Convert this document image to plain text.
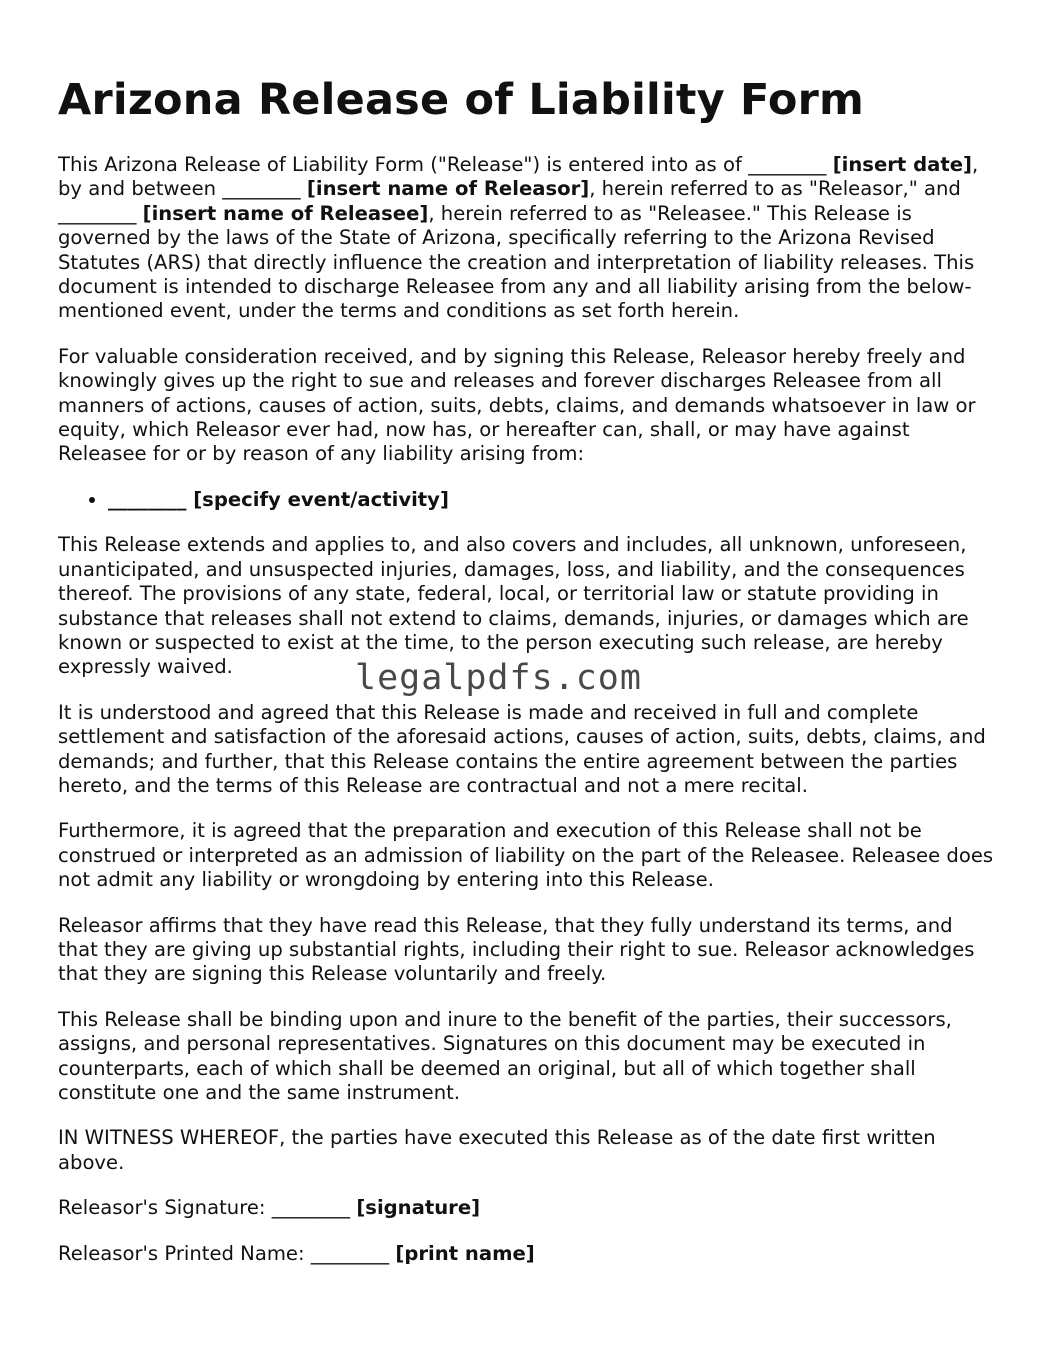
Arizona Release of Liability Form

This Arizona Release of Liability Form ("Release") is entered into as of ________ [insert date], by and between ________ [insert name of Releasor], herein referred to as "Releasor," and ________ [insert name of Releasee], herein referred to as "Releasee." This Release is governed by the laws of the State of Arizona, specifically referring to the Arizona Revised Statutes (ARS) that directly influence the creation and interpretation of liability releases. This document is intended to discharge Releasee from any and all liability arising from the below-mentioned event, under the terms and conditions as set forth herein.

For valuable consideration received, and by signing this Release, Releasor hereby freely and knowingly gives up the right to sue and releases and forever discharges Releasee from all manners of actions, causes of action, suits, debts, claims, and demands whatsoever in law or equity, which Releasor ever had, now has, or hereafter can, shall, or may have against Releasee for or by reason of any liability arising from:

• ________ [specify event/activity]

This Release extends and applies to, and also covers and includes, all unknown, unforeseen, unanticipated, and unsuspected injuries, damages, loss, and liability, and the consequences thereof. The provisions of any state, federal, local, or territorial law or statute providing in substance that releases shall not extend to claims, demands, injuries, or damages which are known or suspected to exist at the time, to the person executing such release, are hereby expressly waived.

It is understood and agreed that this Release is made and received in full and complete settlement and satisfaction of the aforesaid actions, causes of action, suits, debts, claims, and demands; and further, that this Release contains the entire agreement between the parties hereto, and the terms of this Release are contractual and not a mere recital.

Furthermore, it is agreed that the preparation and execution of this Release shall not be construed or interpreted as an admission of liability on the part of the Releasee. Releasee does not admit any liability or wrongdoing by entering into this Release.

Releasor affirms that they have read this Release, that they fully understand its terms, and that they are giving up substantial rights, including their right to sue. Releasor acknowledges that they are signing this Release voluntarily and freely.

This Release shall be binding upon and inure to the benefit of the parties, their successors, assigns, and personal representatives. Signatures on this document may be executed in counterparts, each of which shall be deemed an original, but all of which together shall constitute one and the same instrument.

IN WITNESS WHEREOF, the parties have executed this Release as of the date first written above.

Releasor's Signature: ________ [signature]

Releasor's Printed Name: ________ [print name]

legalpdfs.com
